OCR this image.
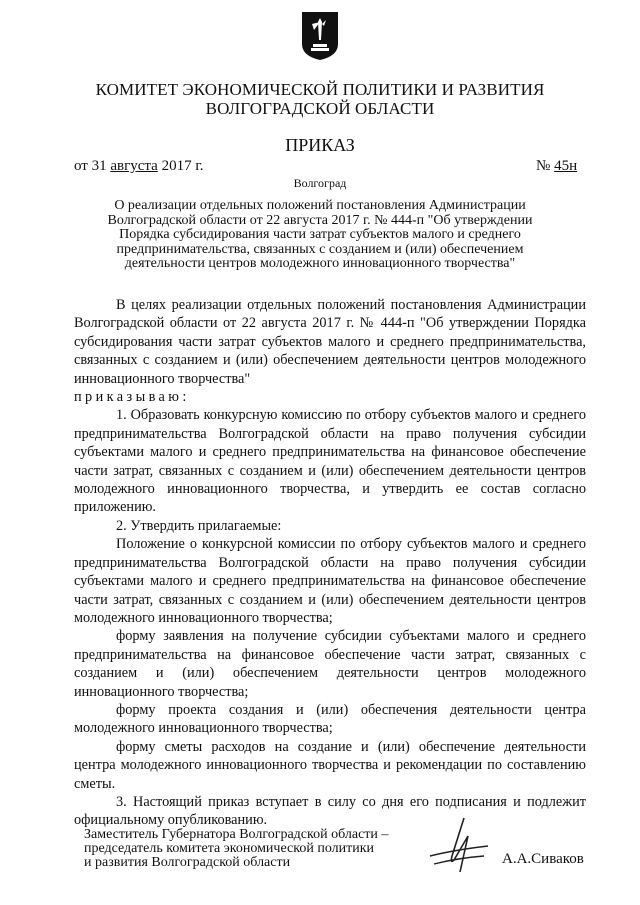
КОМИТЕТ ЭКОНОМИЧЕСКОЙ ПОЛИТИКИ И РАЗВИТИЯ
ВОЛГОГРАДСКОЙ ОБЛАСТИ
ПРИКАЗ
от 31 августа 2017 г.	№ 45н
Волгоград
О реализации отдельных положений постановления Администрации
Волгоградской области от 22 августа 2017 г. № 444-п "Об утверждении
Порядка субсидирования части затрат субъектов малого и среднего
предпринимательства, связанных с созданием и (или) обеспечением
деятельности центров молодежного инновационного творчества"

В целях реализации отдельных положений постановления Администрации Волгоградской области от 22 августа 2017 г. № 444-п "Об утверждении Порядка субсидирования части затрат субъектов малого и среднего предпринимательства, связанных с созданием и (или) обеспечением деятельности центров молодежного инновационного творчества"

приказываю:

1. Образовать конкурсную комиссию по отбору субъектов малого и среднего предпринимательства Волгоградской области на право получения субсидии субъектами малого и среднего предпринимательства на финансовое обеспечение части затрат, связанных с созданием и (или) обеспечением деятельности центров молодежного инновационного творчества, и утвердить ее состав согласно приложению.

2. Утвердить прилагаемые:

Положение о конкурсной комиссии по отбору субъектов малого и среднего предпринимательства Волгоградской области на право получения субсидии субъектами малого и среднего предпринимательства на финансовое обеспечение части затрат, связанных с созданием и (или) обеспечением деятельности центров молодежного инновационного творчества;

форму заявления на получение субсидии субъектами малого и среднего предпринимательства на финансовое обеспечение части затрат, связанных с созданием и (или) обеспечением деятельности центров молодежного инновационного творчества;

форму проекта создания и (или) обеспечения деятельности центра молодежного инновационного творчества;

форму сметы расходов на создание и (или) обеспечение деятельности центра молодежного инновационного творчества и рекомендации по составлению сметы.

3. Настоящий приказ вступает в силу со дня его подписания и подлежит официальному опубликованию.

Заместитель Губернатора Волгоградской области –
председатель комитета экономической политики
и развития Волгоградской области	А.А.Сиваков
